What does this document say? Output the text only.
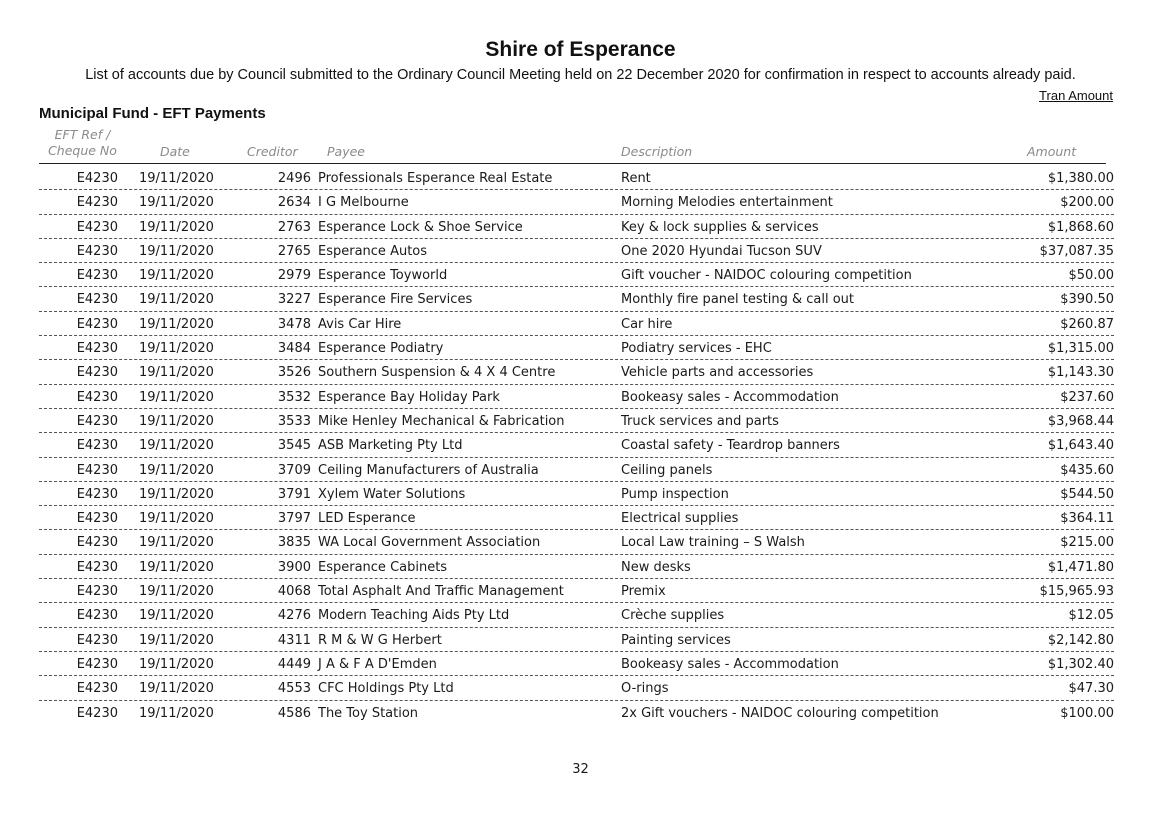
Shire of Esperance
List of accounts due by Council submitted to the Ordinary Council Meeting held on 22 December 2020 for confirmation in respect to accounts already paid.
Tran Amount
Municipal Fund - EFT Payments
EFT Ref /
Cheque No	Date	Creditor Payee	Description	Amount
E4230 19/11/2020	2496 Professionals Esperance Real Estate	Rent	$1,380.00
E4230 19/11/2020	2634 I G Melbourne	Morning Melodies entertainment	$200.00
E4230 19/11/2020	2763 Esperance Lock & Shoe Service	Key & lock supplies & services	$1,868.60
E4230 19/11/2020	2765 Esperance Autos	One 2020 Hyundai Tucson SUV	$37,087.35
E4230 19/11/2020	2979 Esperance Toyworld	Gift voucher - NAIDOC colouring competition	$50.00
E4230 19/11/2020	3227 Esperance Fire Services	Monthly fire panel testing & call out	$390.50
E4230 19/11/2020	3478 Avis Car Hire	Car hire	$260.87
E4230 19/11/2020	3484 Esperance Podiatry	Podiatry services - EHC	$1,315.00
E4230 19/11/2020	3526 Southern Suspension & 4 X 4 Centre	Vehicle parts and accessories	$1,143.30
E4230 19/11/2020	3532 Esperance Bay Holiday Park	Bookeasy sales - Accommodation	$237.60
E4230 19/11/2020	3533 Mike Henley Mechanical & Fabrication	Truck services and parts	$3,968.44
E4230 19/11/2020	3545 ASB Marketing Pty Ltd	Coastal safety - Teardrop banners	$1,643.40
E4230 19/11/2020	3709 Ceiling Manufacturers of Australia	Ceiling panels	$435.60
E4230 19/11/2020	3791 Xylem Water Solutions	Pump inspection	$544.50
E4230 19/11/2020	3797 LED Esperance	Electrical supplies	$364.11
E4230 19/11/2020	3835 WA Local Government Association	Local Law training – S Walsh	$215.00
E4230 19/11/2020	3900 Esperance Cabinets	New desks	$1,471.80
E4230 19/11/2020	4068 Total Asphalt And Traffic Management	Premix	$15,965.93
E4230 19/11/2020	4276 Modern Teaching Aids Pty Ltd	Crèche supplies	$12.05
E4230 19/11/2020	4311 R M & W G Herbert	Painting services	$2,142.80
E4230 19/11/2020	4449 J A & F A D'Emden	Bookeasy sales - Accommodation	$1,302.40
E4230 19/11/2020	4553 CFC Holdings Pty Ltd	O-rings	$47.30
E4230 19/11/2020	4586 The Toy Station	2x Gift vouchers - NAIDOC colouring competition	$100.00
32
